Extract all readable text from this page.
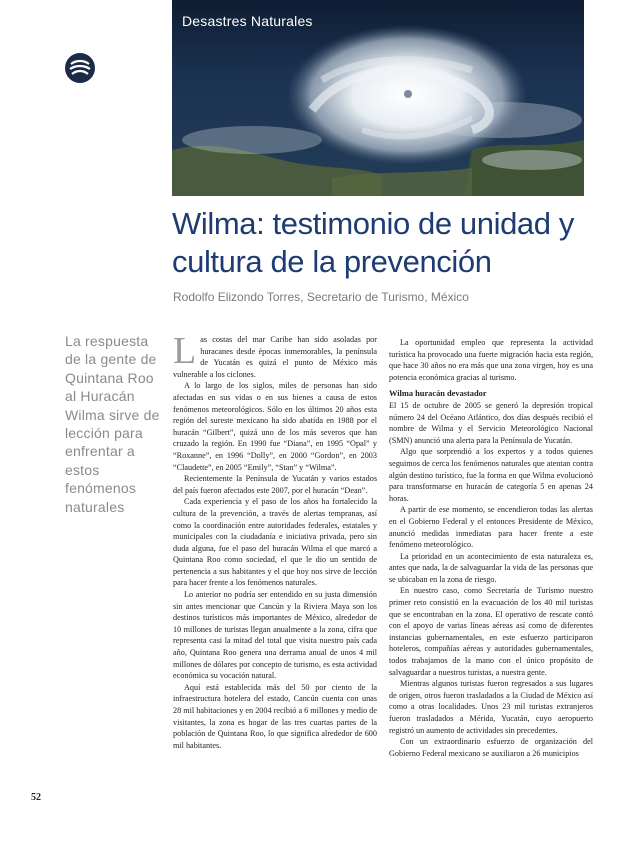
Desastres Naturales
Wilma: testimonio de unidad y cultura de la prevención
Rodolfo Elizondo Torres, Secretario de Turismo, México

La respuesta de la gente de Quintana Roo al Huracán Wilma sirve de lección para enfrentar a estos fenómenos naturales

Las costas del mar Caribe han sido asoladas por huracanes desde épocas inmemorables, la península de Yucatán es quizá el punto de México más vulnerable a los ciclones.

A lo largo de los siglos, miles de personas han sido afectadas en sus vidas o en sus bienes a causa de estos fenómenos meteorológicos. Sólo en los últimos 20 años esta región del sureste mexicano ha sido abatida en 1988 por el huracán “Gilbert”, quizá uno de los más severos que han cruzado la región. En 1990 fue “Diana”, en 1995 “Opal” y “Roxanne”, en 1996 “Dolly”, en 2000 “Gordon”, en 2003 “Claudette”, en 2005 “Emily”, “Stan” y “Wilma”.

Recientemente la Península de Yucatán y varios estados del país fueron afectados este 2007, por el huracán “Dean”.

Cada experiencia y el paso de los años ha fortalecido la cultura de la prevención, a través de alertas tempranas, así como la coordinación entre autoridades federales, estatales y municipales con la ciudadanía e iniciativa privada, pero sin duda alguna, fue el paso del huracán Wilma el que marcó a Quintana Roo como sociedad, el que le dio un sentido de pertenencia a sus habitantes y el que hoy nos sirve de lección para hacer frente a los fenómenos naturales.

Lo anterior no podría ser entendido en su justa dimensión sin antes mencionar que Cancún y la Riviera Maya son los destinos turísticos más importantes de México, alrededor de 10 millones de turistas llegan anualmente a la zona, cifra que representa casi la mitad del total que visita nuestro país cada año, Quintana Roo genera una derrama anual de unos 4 mil millones de dólares por concepto de turismo, es esta actividad económica su vocación natural.

Aquí está establecida más del 50 por ciento de la infraestructura hotelera del estado, Cancún cuenta con unas 28 mil habitaciones y en 2004 recibió a 6 millones y medio de visitantes, la zona es hogar de las tres cuartas partes de la población de Quintana Roo, lo que significa alrededor de 600 mil habitantes.

La oportunidad empleo que representa la actividad turística ha provocado una fuerte migración hacia esta región, que hace 30 años no era más que una zona virgen, hoy es una potencia económica gracias al turismo.

Wilma huracán devastador

El 15 de octubre de 2005 se generó la depresión tropical número 24 del Océano Atlántico, dos días después recibió el nombre de Wilma y el Servicio Meteorológico Nacional (SMN) anunció una alerta para la Península de Yucatán.

Algo que sorprendió a los expertos y a todos quienes seguimos de cerca los fenómenos naturales que atentan contra algún destino turístico, fue la forma en que Wilma evolucionó para transformarse en huracán de categoría 5 en apenas 24 horas.

A partir de ese momento, se encendieron todas las alertas en el Gobierno Federal y el entonces Presidente de México, anunció medidas inmediatas para hacer frente a este fenómeno meteorológico.

La prioridad en un acontecimiento de esta naturaleza es, antes que nada, la de salvaguardar la vida de las personas que se ubicaban en la zona de riesgo.

En nuestro caso, como Secretaría de Turismo nuestro primer reto consistió en la evacuación de los 40 mil turistas que se encontraban en la zona. El operativo de rescate contó con el apoyo de varias líneas aéreas así como de diferentes instancias gubernamentales, en este esfuerzo participaron hoteleros, compañías aéreas y autoridades gubernamentales, todos trabajamos de la mano con el único propósito de salvaguardar a nuestros turistas, a nuestra gente.

Mientras algunos turistas fueron regresados a sus lugares de origen, otros fueron trasladados a la Ciudad de México así como a otras localidades. Unos 23 mil turistas extranjeros fueron trasladados a Mérida, Yucatán, cuyo aeropuerto registró un aumento de actividades sin precedentes.

Con un extraordinario esfuerzo de organización del Gobierno Federal mexicano se auxiliaron a 26 municipios

52
